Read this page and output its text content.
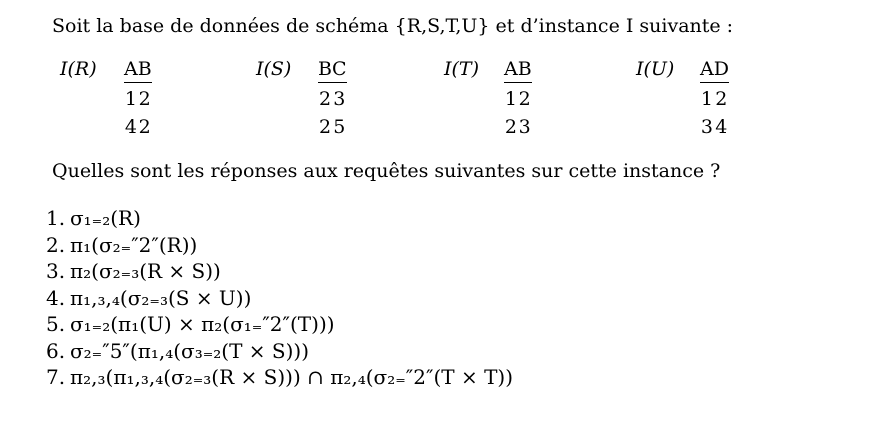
Soit la base de données de schéma {R,S,T,U} et d’instance I suivante :
I(R) A	B
1	2
4	2
I(S) B	C
2	3
2	5
I(T) A	B
1	2
2	3
I(U) A	D
1	2
3	4
Quelles sont les réponses aux requêtes suivantes sur cette instance ?
1. σ₁₌₂(R)
2. π₁(σ₂₌″2″(R))
3. π₂(σ₂₌₃(R × S))
4. π₁,₃,₄(σ₂₌₃(S × U))
5. σ₁₌₂(π₁(U) × π₂(σ₁₌″2″(T)))
6. σ₂₌″5″(π₁,₄(σ₃₌₂(T × S)))
7. π₂,₃(π₁,₃,₄(σ₂₌₃(R × S))) ∩ π₂,₄(σ₂₌″2″(T × T))
